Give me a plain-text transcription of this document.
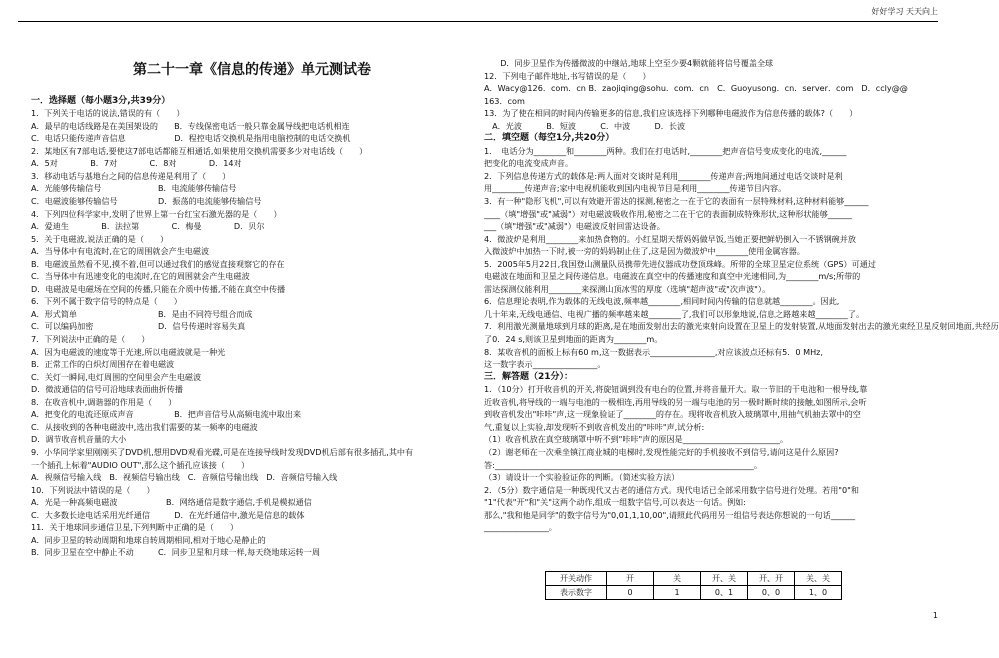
好好学习 天天向上
第二十一章《信息的传递》单元测试卷
一．选择题（每小题3分,共39分）
1．下列关于电话的说法,错误的有（　　）
A．最早的电话线路是在美国架设的　　B．专线保密电话一般只靠金属导线把电话机相连
C．电话只能传递声音信息　　　　　　D．程控电话交换机是指用电脑控制的电话交换机
2．某地区有7部电话,要使这7部电话都能互相通话,如果使用交换机需要多少对电话线（　　）
A．5对　　　　B．7对　　　　C．8对　　　　D．14对
3．移动电话与基地台之间的信息传递是利用了（　　）
A．光能够传输信号　　　　　　　B．电流能够传输信号
C．电磁波能够传输信号　　　　　D．振荡的电流能够传输信号
4．下列四位科学家中,发明了世界上第一台红宝石激光器的是（　　）
A．爱迪生　　　　B．法拉第　　　　C．梅曼　　　　D．贝尔
5．关于电磁波,说法正确的是（　　）
A．当导体中有电流时,在它的周围就会产生电磁波
B．电磁波虽然看不见,摸不着,但可以通过我们的感觉直接观察它的存在
C．当导体中有迅速变化的电流时,在它的周围就会产生电磁波
D．电磁波是电磁场在空间的传播,只能在介质中传播,不能在真空中传播
6．下列不属于数字信号的特点是（　　）
A．形式简单　　　　　　　　　　B．是由不同符号组合而成
C．可以编码加密　　　　　　　　D．信号传递时容易失真
7．下列说法中正确的是（　　）
A．因为电磁波的速度等于光速,所以电磁波就是一种光
B．正常工作的白炽灯周围存在着电磁波
C．关灯一瞬间,电灯周围的空间里会产生电磁波
D．微波通信的信号可沿地球表面曲折传播
8．在收音机中,调谐器的作用是（　　）
A．把变化的电流还原成声音　　　　　B．把声音信号从高频电流中取出来
C．从接收到的各种电磁波中,选出我们需要的某一频率的电磁波
D．调节收音机音量的大小
9．小华同学家里刚刚买了DVD机,想用DVD观看光碟,可是在连接导线时发现DVD机后部有很多插孔,其中有
一个插孔上标着"AUDIO OUT",那么这个插孔应该接（　　）
A．视频信号输入线　B．视频信号输出线　C．音频信号输出线　D．音频信号输入线
10．下列说法中错误的是（　　）
A．光是一种高频电磁波　　　　　　B．网络通信是数字通信,手机是模拟通信
C．大多数长途电话采用光纤通信　　　D．在光纤通信中,激光是信息的载体
11．关于地球同步通信卫星,下列判断中正确的是（　　）
A．同步卫星的转动周期和地球自转周期相同,相对于地心是静止的
B．同步卫星在空中静止不动　　　C．同步卫星和月球一样,每天绕地球运转一周
　　D．同步卫星作为传播微波的中继站,地球上空至少要4颗就能将信号覆盖全球
12．下列电子邮件地址,书写错误的是（　　）
A．Wacy@126．com．cn B．zaojiqing@sohu．com．cn　C．Guoyusong．cn．server．com　D．ccly@@
163．com
13．为了使在相同的时间内传输更多的信息,我们应该选择下列哪种电磁波作为信息传播的载体?（　　）
　A．光波　　　B．短波　　　C．中波　　　D．长波
二．填空题（每空1分,共20分）
1．　电话分为________和________两种。我们在打电话时,________把声音信号变成变化的电流,______
把变化的电流变成声音。
2．下列信息传递方式的载体是:两人面对交谈时是利用________传递声音;两地间通过电话交谈时是利
用________传递声音;家中电视机能收到国内电视节目是利用________传递节目内容。
3．有一种"隐形飞机",可以有效避开雷达的探测,秘密之一在于它的表面有一层特殊材料,这种材料能够______
____（填"增强"或"减弱"）对电磁波吸收作用,秘密之二在于它的表面制成特殊形状,这种形状能够______
___（填"增强"或"减弱"）电磁波反射回雷达设备。
4．微波炉是利用________来加热食物的。小红星期天帮妈妈做早饭,当她正要把鲜奶倒入一不锈钢碗并放
入微波炉中加热一下时,被一旁的妈妈制止住了,这是因为微波炉中________使用金属容器。
5．2005年5月22日,我国登山测量队员携带先进仪器成功登顶珠峰。所带的全球卫星定位系统（GPS）可通过
电磁波在地面和卫星之间传递信息。电磁波在真空中的传播速度和真空中光速相同,为________m/s;所带的
雷达探测仪能利用________来探测山顶冰雪的厚度（选填"超声波"或"次声波"）。
6．信息理论表明,作为载体的无线电波,频率越________,相同时间内传输的信息就越________。因此,
几十年来,无线电通信、电视广播的频率越来越________了,我们可以形象地说,信息之路越来越________了。
7．利用激光测量地球到月球的距离,是在地面发射出去的激光束射向设置在卫星上的发射装置,从地面发射出去的激光束经卫星反射回地面,共经历
了0．24 s,则该卫星到地面的距离为________m。
8．某收音机的面板上标有60 m,这一数据表示________________,对应该波点还标有5．0 MHz,
这一数字表示________________。
三．解答题（21分）：
1．（10分）打开收音机的开关,将旋钮调到没有电台的位置,并将音量开大。取一节旧的干电池和一根导线,靠
近收音机,将导线的一端与电池的一极相连,再用导线的另一端与电池的另一极时断时续的接触,如图所示,会听
到收音机发出"咔咔"声,这一现象验证了________的存在。现将收音机放入玻璃罩中,用抽气机抽去罩中的空
气,重复以上实验,却发现听不到收音机发出的"咔咔"声,试分析:
（1）收音机放在真空玻璃罩中听不到"咔咔"声的原因是________________________。
（2）谢老师在一次乘坐镇江商业城的电梯时,发现性能完好的手机接收不到信号,请问这是什么原因?
答:________________________________________________________________。
（3）请设计一个实验验证你的判断。（简述实验方法）
2．（5分）数字通信是一种既现代又古老的通信方式。现代电话已全部采用数字信号进行处理。若用"0"和
"1"代表"开"和"关"这两个动作,组成一组数字信号,可以表达一句话。例如:
那么,"我和他是同学"的数字信号为"0,01,1,10,00",请照此代码用另一组信号表达你想说的一句话______
________________。
开关动作	开	关	开、关	开、开	关、关
表示数字	0	1	0、1	0、0	1、0
1
